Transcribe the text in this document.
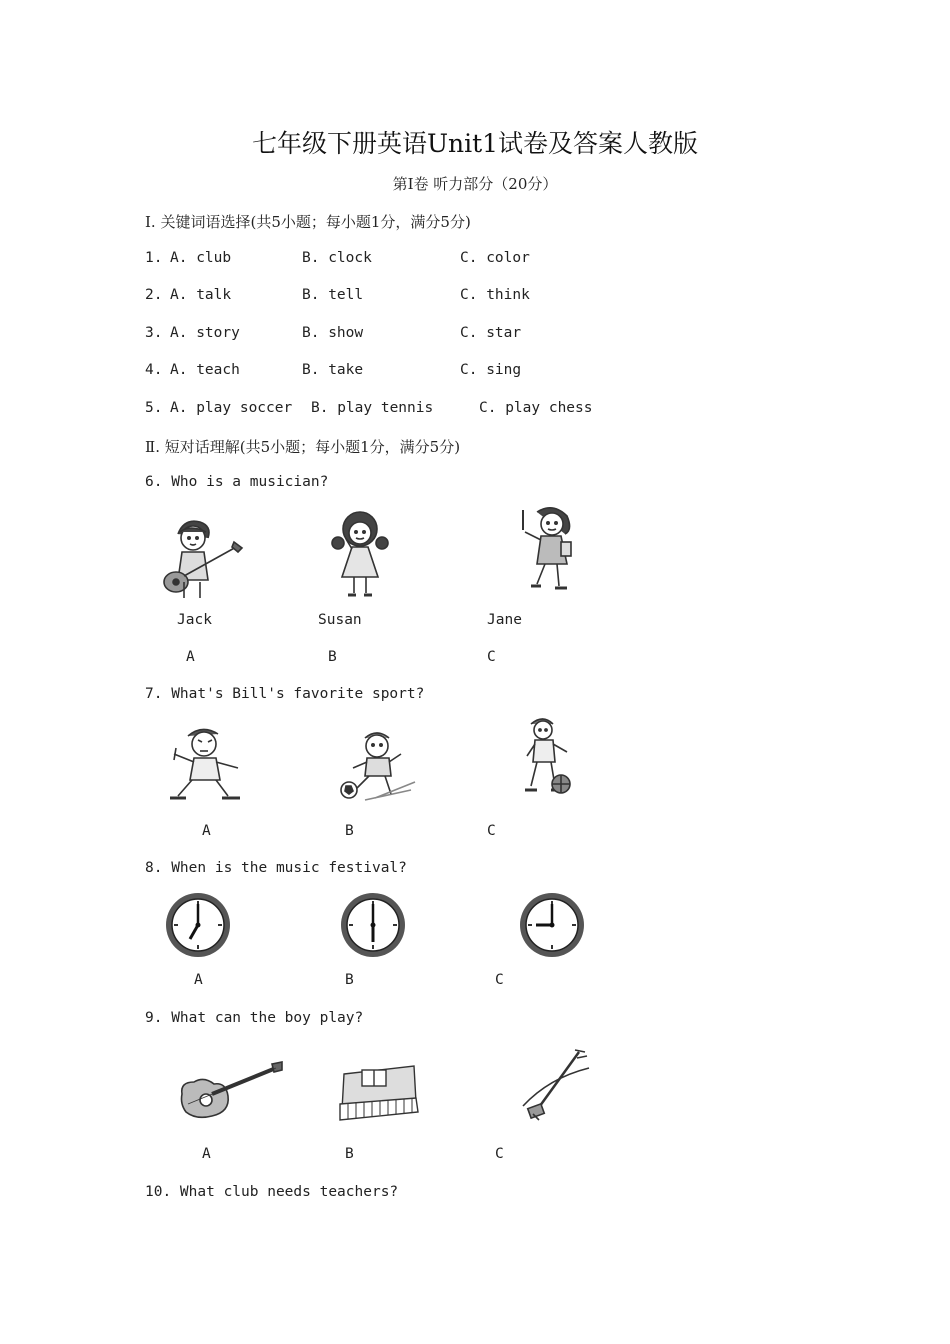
七年级下册英语Unit1试卷及答案人教版
第Ⅰ卷 听力部分（20分）
Ⅰ. 关键词语选择(共5小题；每小题1分，满分5分)
1. A. club	B. clock	C. color
2. A. talk	B. tell	C. think
3. A. story	B. show	C. star
4. A. teach	B. take	C. sing
5. A. play soccer B. play tennis	C. play chess
Ⅱ. 短对话理解(共5小题；每小题1分，满分5分)
6. Who is a musician?
Jack	Susan	Jane
A	B	C
7. What's Bill's favorite sport?
A	B	C
8. When is the music festival?
A	B	C
9. What can the boy play?
A	B	C
10. What club needs teachers?
